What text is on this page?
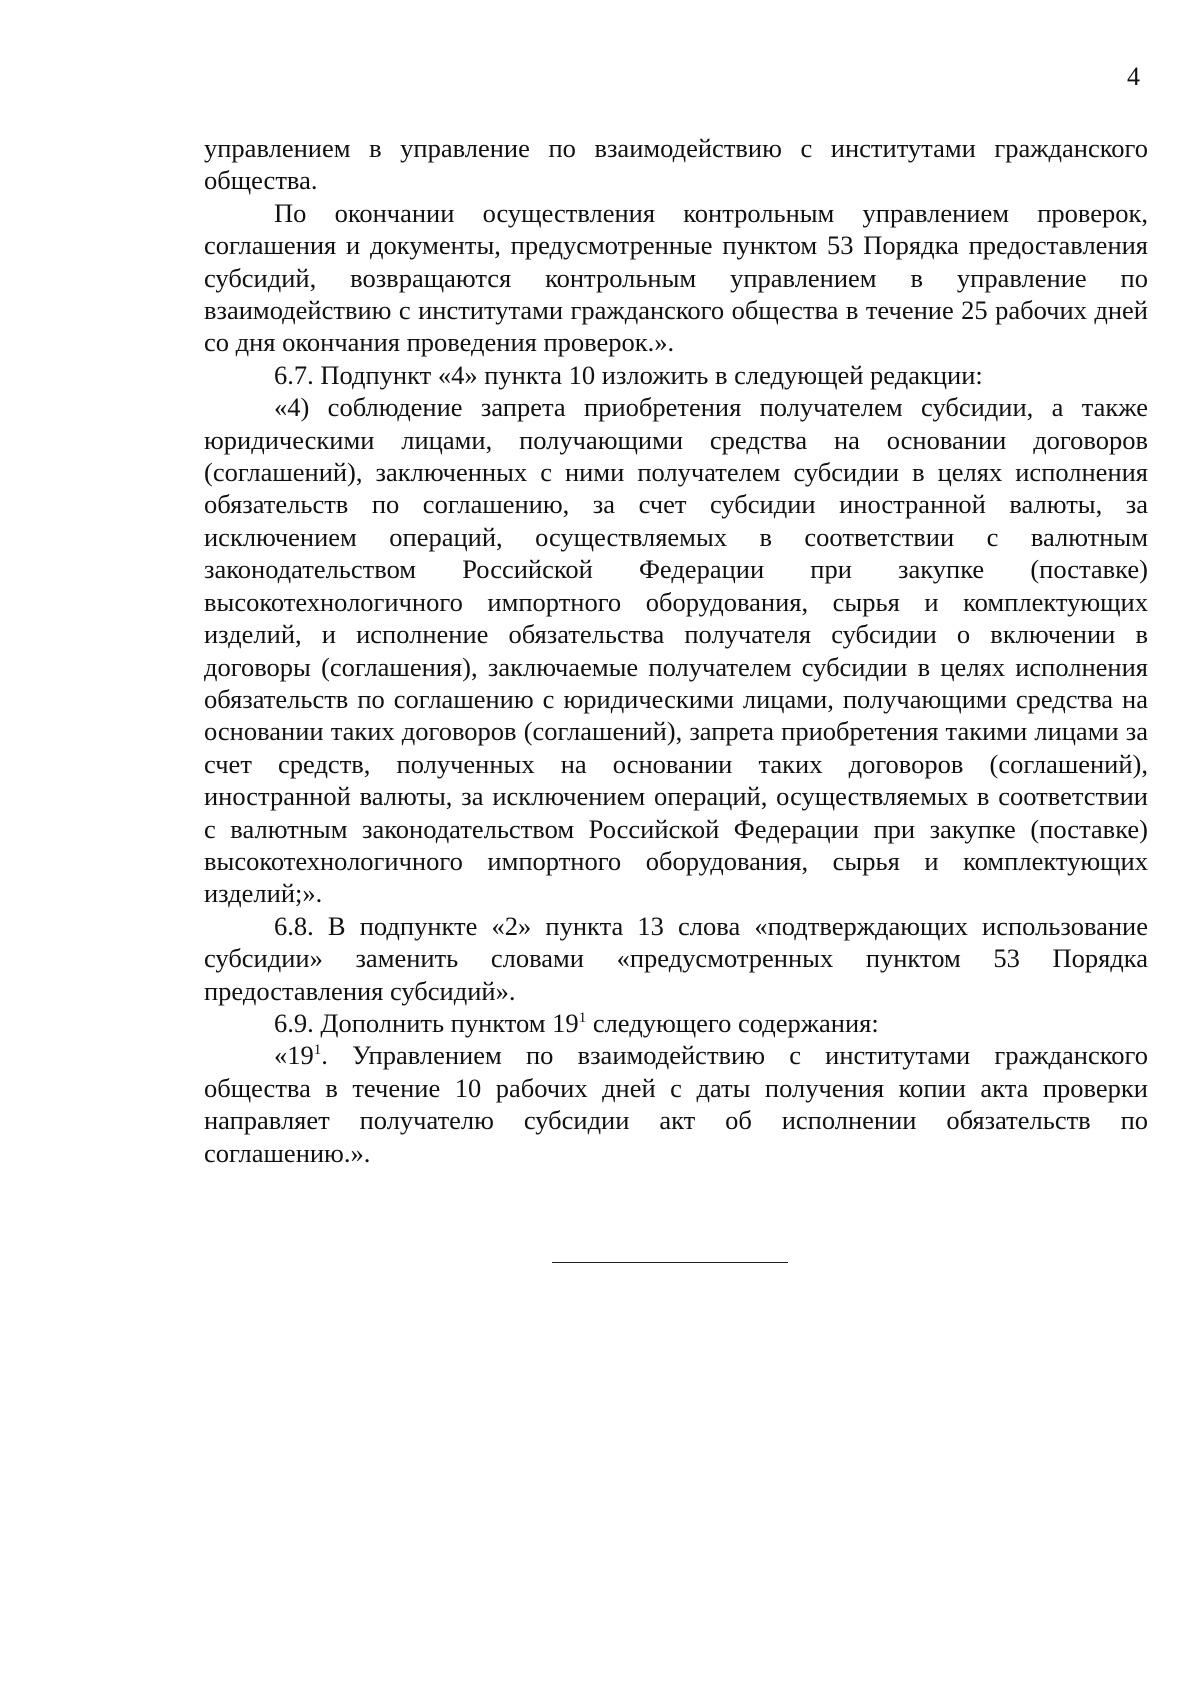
4

управлением в управление по взаимодействию с институтами гражданского общества.

По окончании осуществления контрольным управлением проверок, соглашения и документы, предусмотренные пунктом 53 Порядка предоставления субсидий, возвращаются контрольным управлением в управление по взаимодействию с институтами гражданского общества в течение 25 рабочих дней со дня окончания проведения проверок.».

6.7. Подпункт «4» пункта 10 изложить в следующей редакции:

«4) соблюдение запрета приобретения получателем субсидии, а также юридическими лицами, получающими средства на основании договоров (соглашений), заключенных с ними получателем субсидии в целях исполнения обязательств по соглашению, за счет субсидии иностранной валюты, за исключением операций, осуществляемых в соответствии с валютным законодательством Российской Федерации при закупке (поставке) высокотехнологичного импортного оборудования, сырья и комплектующих изделий, и исполнение обязательства получателя субсидии о включении в договоры (соглашения), заключаемые получателем субсидии в целях исполнения обязательств по соглашению с юридическими лицами, получающими средства на основании таких договоров (соглашений), запрета приобретения такими лицами за счет средств, полученных на основании таких договоров (соглашений), иностранной валюты, за исключением операций, осуществляемых в соответствии с валютным законодательством Российской Федерации при закупке (поставке) высокотехнологичного импортного оборудования, сырья и комплектующих изделий;».

6.8. В подпункте «2» пункта 13 слова «подтверждающих использование субсидии» заменить словами «предусмотренных пунктом 53 Порядка предоставления субсидий».

6.9. Дополнить пунктом $19^1$ следующего содержания:

«$19^1$. Управлением по взаимодействию с институтами гражданского общества в течение 10 рабочих дней с даты получения копии акта проверки направляет получателю субсидии акт об исполнении обязательств по соглашению.».
